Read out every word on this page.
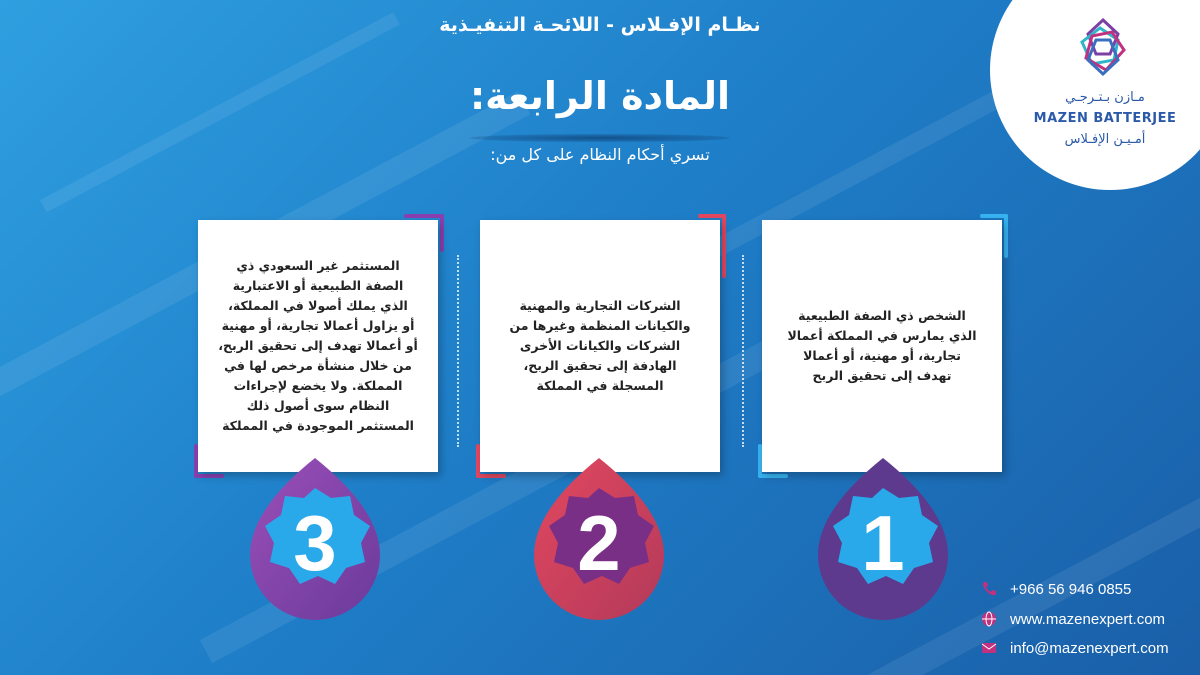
نظـام الإفـلاس - اللائحـة التنفيـذية
المادة الرابعة:
تسري أحكام النظام على كل من:
مـازن بـتـرجـي
MAZEN BATTERJEE
أمـيـن الإفـلاس
الشخص ذي الصفة الطبيعية
الذي يمارس في المملكة أعمالا
تجارية، أو مهنية، أو أعمالا
تهدف إلى تحقيق الربح
الشركات التجارية والمهنية
والكيانات المنظمة وغيرها من
الشركات والكيانات الأخرى
الهادفة إلى تحقيق الربح،
المسجلة في المملكة
المستثمر غير السعودي ذي
الصفة الطبيعية أو الاعتبارية
الذي يملك أصولا في المملكة،
أو يزاول أعمالا تجارية، أو مهنية
أو أعمالا تهدف إلى تحقيق الربح،
من خلال منشأة مرخص لها في
المملكة. ولا يخضع لإجراءات
النظام سوى أصول ذلك
المستثمر الموجودة في المملكة
1
2
3
+966 56 946 0855
www.mazenexpert.com
info@mazenexpert.com
